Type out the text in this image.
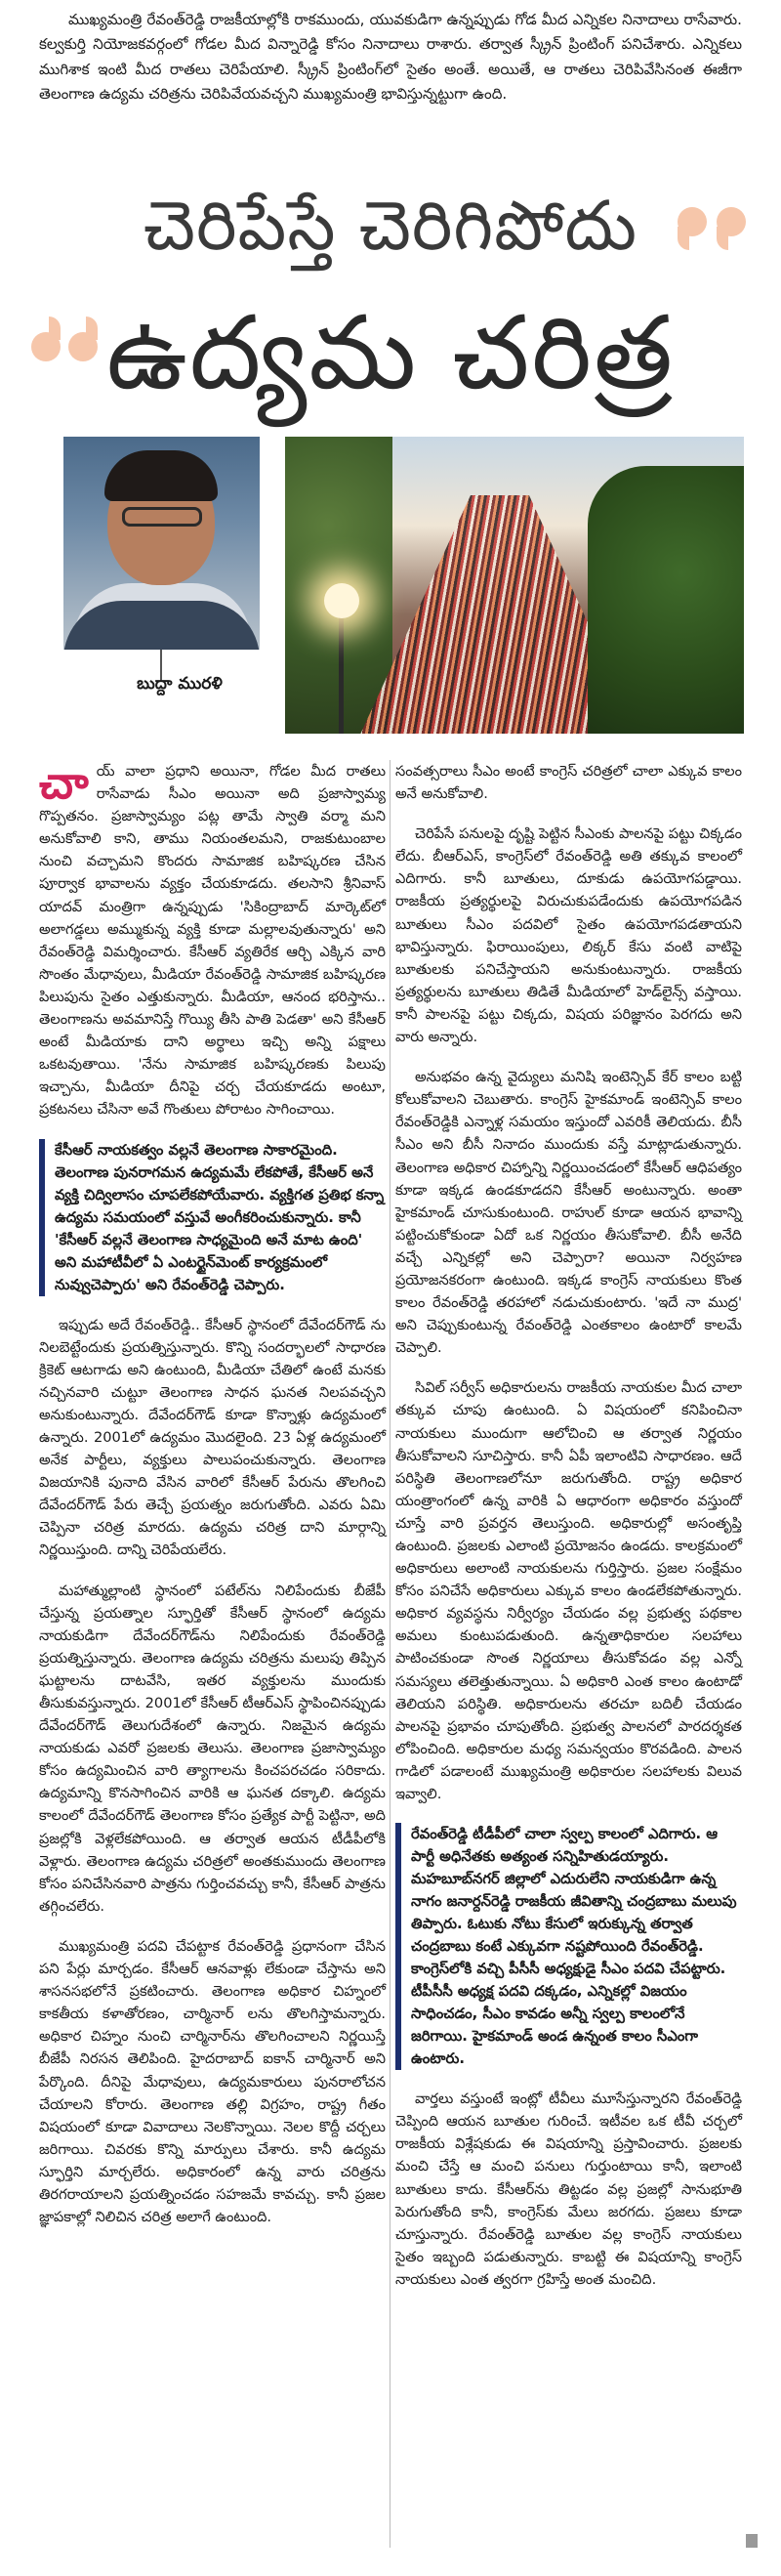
ముఖ్యమంత్రి రేవంత్‌రెడ్డి రాజకీయాల్లోకి రాకముందు, యువకుడిగా ఉన్నప్పుడు గోడ మీద ఎన్నికల నినాదాలు రాసేవారు. కల్వకుర్తి నియోజకవర్గంలో గోడల మీద విన్నారెడ్డి కోసం నినాదాలు రాశారు. తర్వాత స్క్రీన్ ప్రింటింగ్ పనిచేశారు. ఎన్నికలు ముగిశాక ఇంటి మీద రాతలు చెరిపేయాలి. స్క్రీన్ ప్రింటింగ్‌లో సైతం అంతే. అయితే, ఆ రాతలు చెరిపివేసినంత ఈజీగా తెలంగాణ ఉద్యమ చరిత్రను చెరిపివేయవచ్చని ముఖ్యమంత్రి భావిస్తున్నట్టుగా ఉంది.

చెరిపేస్తే చెరిగిపోదు
ఉద్యమ చరిత్ర
బుద్దా మురళి

చాయ్ వాలా ప్రధాని అయినా, గోడల మీద రాతలు రాసేవాడు సీఎం అయినా అది ప్రజాస్వామ్య గొప్పతనం. ప్రజాస్వామ్యం పట్ల తామే స్వాతి వర్మా మని అనుకోవాలి కాని, తాము నియంతలమని, రాజకుటుంబాల నుంచి వచ్చామని కొందరు సామాజిక బహిష్కరణ చేసిన పూర్వాక భావాలను వ్యక్తం చేయకూడదు. తలసాని శ్రీనివాస్ యాదవ్ మంత్రిగా ఉన్నప్పుడు 'సికింద్రాబాద్ మార్కెట్‌లో అలాగడ్డలు అమ్ముకున్న వ్యక్తి కూడా మల్లాలవుతున్నారు' అని రేవంత్‌రెడ్డి విమర్శించారు. కేసీఆర్ వ్యతిరేక ఆర్చి ఎక్కిన వారి సొంతం మేధావులు, మీడియా రేవంత్‌రెడ్డి సామాజిక బహిష్కరణ పిలుపును సైతం ఎత్తుకున్నారు. మీడియా, ఆనంద భరిస్తాను.. తెలంగాణను అవమానిస్తే గొయ్యి తీసి పాతి పెడతా' అని కేసీఆర్ అంటే మీడియాకు దాని అర్థాలు ఇచ్చి అన్ని పక్షాలు ఒకటవుతాయి. 'నేను సామాజిక బహిష్కరణకు పిలుపు ఇచ్చాను, మీడియా దీనిపై చర్చ చేయకూడదు అంటూ, ప్రకటనలు చేసినా అవే గొంతులు పోరాటం సాగించాయి.

కేసీఆర్ నాయకత్వం వల్లనే తెలంగాణ సాకారమైంది. తెలంగాణ పునరాగమన ఉద్యమమే లేకపోతే, కేసీఆర్ అనే వ్యక్తి చిద్విలాసం చూపలేకపోయేవారు. వ్యక్తిగత ప్రతిభ కన్నా ఉద్యమ సమయంలో వస్తువే అంగీకరించుకున్నారు. కానీ 'కేసీఆర్ వల్లనే తెలంగాణ సాధ్యమైంది అనే మాట ఉంది' అని మహాటీవీలో ఏ ఎంటర్టైన్‌మెంట్ కార్యక్రమంలో నువ్వుచెప్పారు' అని రేవంత్‌రెడ్డి చెప్పారు.

ఇప్పుడు అదే రేవంత్‌రెడ్డి.. కేసీఆర్ స్థానంలో దేవేందర్‌గౌడ్ ను నిలబెట్టేందుకు ప్రయత్నిస్తున్నారు. కొన్ని సందర్భాలలో సాధారణ క్రికెట్ ఆటగాడు అని ఉంటుంది, మీడియా చేతిలో ఉంటే మనకు నచ్చినవారి చుట్టూ తెలంగాణ సాధన ఘనత నిలపవచ్చని అనుకుంటున్నారు. దేవేందర్‌గౌడ్ కూడా కొన్నాళ్లు ఉద్యమంలో ఉన్నారు. 2001లో ఉద్యమం మొదలైంది. 23 ఏళ్ల ఉద్యమంలో అనేక పార్టీలు, వ్యక్తులు పాలుపంచుకున్నారు. తెలంగాణ విజయానికి పునాది వేసిన వారిలో కేసీఆర్ పేరును తొలగించి దేవేందర్‌గౌడ్ పేరు తెచ్చే ప్రయత్నం జరుగుతోంది. ఎవరు ఏమి చెప్పినా చరిత్ర మారదు. ఉద్యమ చరిత్ర దాని మార్గాన్ని నిర్ణయిస్తుంది. దాన్ని చెరిపేయలేరు.

మహాత్ముల్లాంటి స్థానంలో పటేల్‌ను నిలిపేందుకు బీజేపీ చేస్తున్న ప్రయత్నాల స్ఫూర్తితో కేసీఆర్ స్థానంలో ఉద్యమ నాయకుడిగా దేవేందర్‌గౌడ్‌ను నిలిపేందుకు రేవంత్‌రెడ్డి ప్రయత్నిస్తున్నారు. తెలంగాణ ఉద్యమ చరిత్రను మలుపు తిప్పిన ఘట్టాలను దాటవేసి, ఇతర వ్యక్తులను ముందుకు తీసుకువస్తున్నారు. 2001లో కేసీఆర్ టీఆర్ఎస్ స్థాపించినప్పుడు దేవేందర్‌గౌడ్ తెలుగుదేశంలో ఉన్నారు. నిజమైన ఉద్యమ నాయకుడు ఎవరో ప్రజలకు తెలుసు. తెలంగాణ ప్రజాస్వామ్యం కోసం ఉద్యమించిన వారి త్యాగాలను కించపరచడం సరికాదు. ఉద్యమాన్ని కొనసాగించిన వారికి ఆ ఘనత దక్కాలి. ఉద్యమ కాలంలో దేవేందర్‌గౌడ్ తెలంగాణ కోసం ప్రత్యేక పార్టీ పెట్టినా, అది ప్రజల్లోకి వెళ్లలేకపోయింది. ఆ తర్వాత ఆయన టీడీపీలోకి వెళ్లారు. తెలంగాణ ఉద్యమ చరిత్రలో అంతకుముందు తెలంగాణ కోసం పనిచేసినవారి పాత్రను గుర్తించవచ్చు కానీ, కేసీఆర్ పాత్రను తగ్గించలేరు.

ముఖ్యమంత్రి పదవి చేపట్టాక రేవంత్‌రెడ్డి ప్రధానంగా చేసిన పని పేర్లు మార్చడం. కేసీఆర్ ఆనవాళ్లు లేకుండా చేస్తాను అని శాసనసభలోనే ప్రకటించారు. తెలంగాణ అధికార చిహ్నంలో కాకతీయ కళాతోరణం, చార్మినార్ లను తొలగిస్తామన్నారు. అధికార చిహ్నం నుంచి చార్మినార్‌ను తొలగించాలని నిర్ణయిస్తే బీజేపీ నిరసన తెలిపింది. హైదరాబాద్ ఐకాన్ చార్మినార్ అని పేర్కొంది. దీనిపై మేధావులు, ఉద్యమకారులు పునరాలోచన చేయాలని కోరారు. తెలంగాణ తల్లి విగ్రహం, రాష్ట్ర గీతం విషయంలో కూడా వివాదాలు నెలకొన్నాయి. నెలల కొద్దీ చర్చలు జరిగాయి. చివరకు కొన్ని మార్పులు చేశారు. కానీ ఉద్యమ స్ఫూర్తిని మార్చలేరు. అధికారంలో ఉన్న వారు చరిత్రను తిరగరాయాలని ప్రయత్నించడం సహజమే కావచ్చు. కానీ ప్రజల జ్ఞాపకాల్లో నిలిచిన చరిత్ర అలాగే ఉంటుంది.

సంవత్సరాలు సీఎం అంటే కాంగ్రెస్ చరిత్రలో చాలా ఎక్కువ కాలం అనే అనుకోవాలి.

చెరిపేసే పనులపై దృష్టి పెట్టిన సీఎంకు పాలనపై పట్టు చిక్కడం లేదు. బీఆర్ఎస్, కాంగ్రెస్‌లో రేవంత్‌రెడ్డి అతి తక్కువ కాలంలో ఎదిగారు. కానీ బూతులు, దూకుడు ఉపయోగపడ్డాయి. రాజకీయ ప్రత్యర్థులపై విరుచుకుపడేందుకు ఉపయోగపడిన బూతులు సీఎం పదవిలో సైతం ఉపయోగపడతాయని భావిస్తున్నారు. ఫిరాయింపులు, లిక్కర్ కేసు వంటి వాటిపై బూతులకు పనిచేస్తాయని అనుకుంటున్నారు. రాజకీయ ప్రత్యర్థులను బూతులు తిడితే మీడియాలో హెడ్‌లైన్స్ వస్తాయి. కానీ పాలనపై పట్టు చిక్కదు, విషయ పరిజ్ఞానం పెరగదు అని వారు అన్నారు.

అనుభవం ఉన్న వైద్యులు మనిషి ఇంటెన్సివ్ కేర్ కాలం బట్టి కోలుకోవాలని చెబుతారు. కాంగ్రెస్ హైకమాండ్ ఇంటెన్సివ్ కాలం రేవంత్‌రెడ్డికి ఎన్నాళ్ల సమయం ఇస్తుందో ఎవరికీ తెలియదు. బీసీ సీఎం అని బీసీ నినాదం ముందుకు వస్తే మాట్లాడుతున్నారు. తెలంగాణ అధికార చిహ్నాన్ని నిర్ణయించడంలో కేసీఆర్ ఆధిపత్యం కూడా ఇక్కడ ఉండకూడదని కేసీఆర్ అంటున్నారు. అంతా హైకమాండ్ చూసుకుంటుంది. రాహుల్ కూడా ఆయన భావాన్ని పట్టించుకోకుండా ఏదో ఒక నిర్ణయం తీసుకోవాలి. బీసీ అనేది వచ్చే ఎన్నికల్లో అని చెప్పారా? అయినా నిర్వహణ ప్రయోజనకరంగా ఉంటుంది. ఇక్కడ కాంగ్రెస్ నాయకులు కొంత కాలం రేవంత్‌రెడ్డి తరహాలో నడుచుకుంటారు. 'ఇదే నా ముద్ర' అని చెప్పుకుంటున్న రేవంత్‌రెడ్డి ఎంతకాలం ఉంటారో కాలమే చెప్పాలి.

సివిల్ సర్వీస్ అధికారులను రాజకీయ నాయకుల మీద చాలా తక్కువ చూపు ఉంటుంది. ఏ విషయంలో కనిపించినా నాయకులు ముందుగా ఆలోచించి ఆ తర్వాత నిర్ణయం తీసుకోవాలని సూచిస్తారు. కానీ ఏపీ ఇలాంటివి సాధారణం. ఆదే పరిస్థితి తెలంగాణలోనూ జరుగుతోంది. రాష్ట్ర అధికార యంత్రాంగంలో ఉన్న వారికి ఏ ఆధారంగా అధికారం వస్తుందో చూస్తే వారి ప్రవర్తన తెలుస్తుంది. అధికారుల్లో అసంతృప్తి ఉంటుంది. ప్రజలకు ఎలాంటి ప్రయోజనం ఉండదు. కాలక్రమంలో అధికారులు అలాంటి నాయకులను గుర్తిస్తారు. ప్రజల సంక్షేమం కోసం పనిచేసే అధికారులు ఎక్కువ కాలం ఉండలేకపోతున్నారు. అధికార వ్యవస్థను నిర్వీర్యం చేయడం వల్ల ప్రభుత్వ పథకాల అమలు కుంటుపడుతుంది. ఉన్నతాధికారుల సలహాలు పాటించకుండా సొంత నిర్ణయాలు తీసుకోవడం వల్ల ఎన్నో సమస్యలు తలెత్తుతున్నాయి. ఏ అధికారి ఎంత కాలం ఉంటాడో తెలియని పరిస్థితి. అధికారులను తరచూ బదిలీ చేయడం పాలనపై ప్రభావం చూపుతోంది. ప్రభుత్వ పాలనలో పారదర్శకత లోపించింది. అధికారుల మధ్య సమన్వయం కొరవడింది. పాలన గాడిలో పడాలంటే ముఖ్యమంత్రి అధికారుల సలహాలకు విలువ ఇవ్వాలి.

రేవంత్‌రెడ్డి టీడీపీలో చాలా స్వల్ప కాలంలో ఎదిగారు. ఆ పార్టీ అధినేతకు అత్యంత సన్నిహితుడయ్యారు. మహబూబ్‌నగర్ జిల్లాలో ఎదురులేని నాయకుడిగా ఉన్న నాగం జనార్దన్‌రెడ్డి రాజకీయ జీవితాన్ని చంద్రబాబు మలుపు తిప్పారు. ఓటుకు నోటు కేసులో ఇరుక్కున్న తర్వాత చంద్రబాబు కంటే ఎక్కువగా నష్టపోయింది రేవంత్‌రెడ్డి. కాంగ్రెస్‌లోకి వచ్చి పీసీసీ అధ్యక్షుడై సీఎం పదవి చేపట్టారు. టీపీసీసీ అధ్యక్ష పదవి దక్కడం, ఎన్నికల్లో విజయం సాధించడం, సీఎం కావడం అన్నీ స్వల్ప కాలంలోనే జరిగాయి. హైకమాండ్ అండ ఉన్నంత కాలం సీఎంగా ఉంటారు.

వార్తలు వస్తుంటే ఇంట్లో టీవీలు మూసేస్తున్నారని రేవంత్‌రెడ్డి చెప్పింది ఆయన బూతుల గురించే. ఇటీవల ఒక టీవీ చర్చలో రాజకీయ విశ్లేషకుడు ఈ విషయాన్ని ప్రస్తావించారు. ప్రజలకు మంచి చేస్తే ఆ మంచి పనులు గుర్తుంటాయి కానీ, ఇలాంటి బూతులు కాదు. కేసీఆర్‌ను తిట్టడం వల్ల ప్రజల్లో సానుభూతి పెరుగుతోంది కానీ, కాంగ్రెస్‌కు మేలు జరగదు. ప్రజలు కూడా చూస్తున్నారు. రేవంత్‌రెడ్డి బూతుల వల్ల కాంగ్రెస్ నాయకులు సైతం ఇబ్బంది పడుతున్నారు. కాబట్టి ఈ విషయాన్ని కాంగ్రెస్ నాయకులు ఎంత త్వరగా గ్రహిస్తే అంత మంచిది.
